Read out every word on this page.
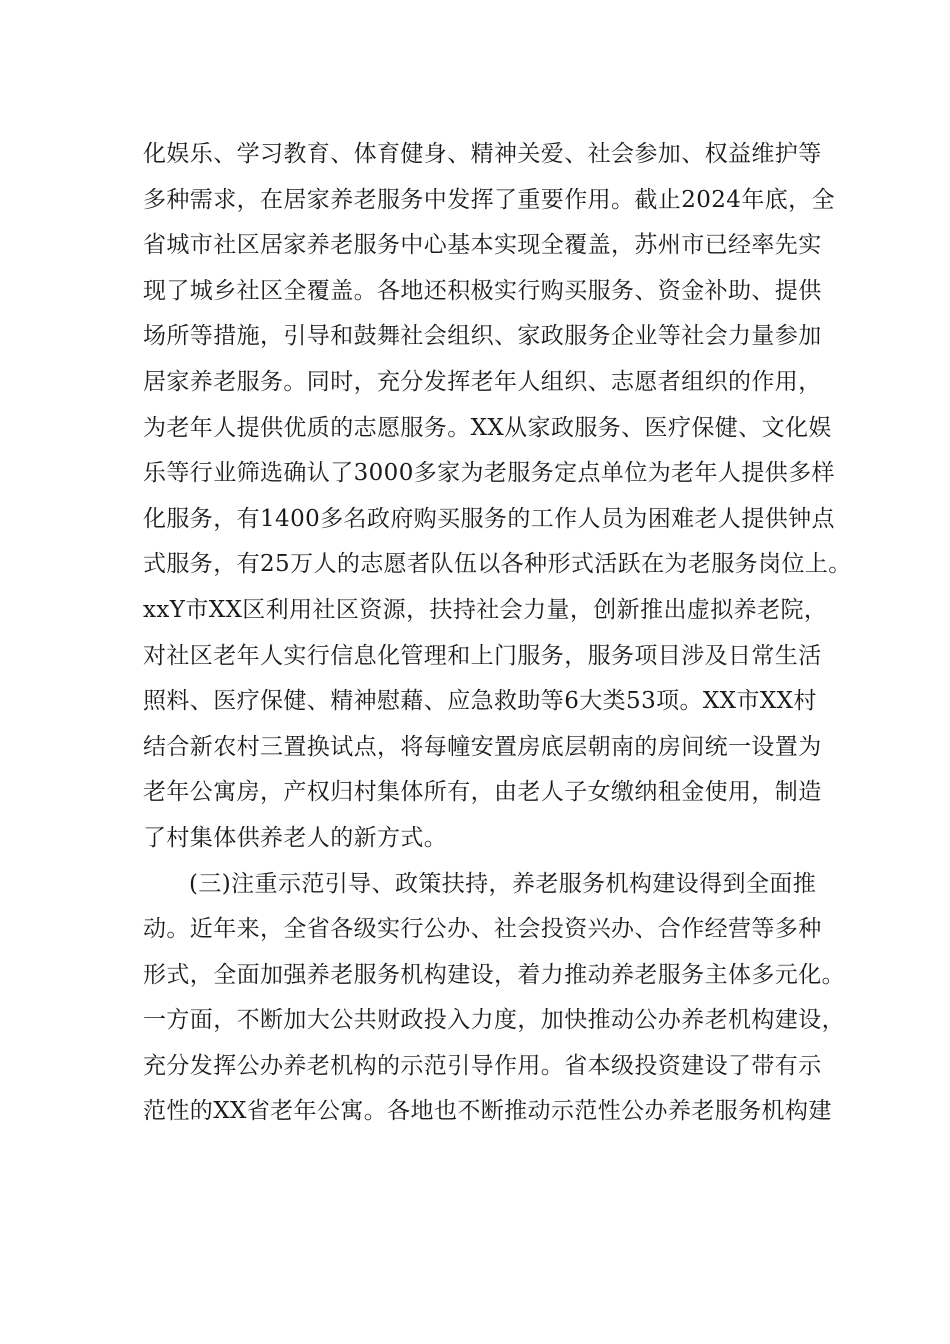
化娱乐、学习教育、体育健身、精神关爱、社会参加、权益维护等
多种需求，在居家养老服务中发挥了重要作用。截止2024年底，全
省城市社区居家养老服务中心基本实现全覆盖，苏州市已经率先实
现了城乡社区全覆盖。各地还积极实行购买服务、资金补助、提供
场所等措施，引导和鼓舞社会组织、家政服务企业等社会力量参加
居家养老服务。同时，充分发挥老年人组织、志愿者组织的作用，
为老年人提供优质的志愿服务。XX从家政服务、医疗保健、文化娱
乐等行业筛选确认了3000多家为老服务定点单位为老年人提供多样
化服务，有1400多名政府购买服务的工作人员为困难老人提供钟点
式服务，有25万人的志愿者队伍以各种形式活跃在为老服务岗位上。
xxY市XX区利用社区资源，扶持社会力量，创新推出虚拟养老院，
对社区老年人实行信息化管理和上门服务，服务项目涉及日常生活
照料、医疗保健、精神慰藉、应急救助等6大类53项。XX市XX村
结合新农村三置换试点，将每幢安置房底层朝南的房间统一设置为
老年公寓房，产权归村集体所有，由老人子女缴纳租金使用，制造
了村集体供养老人的新方式。
(三)注重示范引导、政策扶持，养老服务机构建设得到全面推
动。近年来，全省各级实行公办、社会投资兴办、合作经营等多种
形式，全面加强养老服务机构建设，着力推动养老服务主体多元化。
一方面，不断加大公共财政投入力度，加快推动公办养老机构建设，
充分发挥公办养老机构的示范引导作用。省本级投资建设了带有示
范性的XX省老年公寓。各地也不断推动示范性公办养老服务机构建
